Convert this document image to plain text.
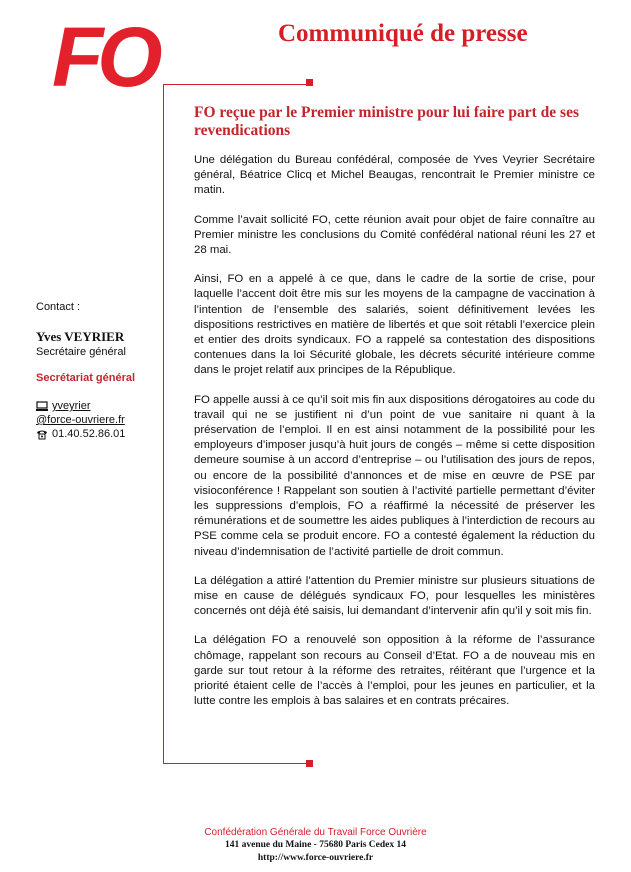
FO	Communiqué de presse
FO reçue par le Premier ministre pour lui faire part de ses revendications

Une délégation du Bureau confédéral, composée de Yves Veyrier Secrétaire général, Béatrice Clicq et Michel Beaugas, rencontrait le Premier ministre ce matin.

Comme l’avait sollicité FO, cette réunion avait pour objet de faire connaître au Premier ministre les conclusions du Comité confédéral national réuni les 27 et 28 mai.

Ainsi, FO en a appelé à ce que, dans le cadre de la sortie de crise, pour laquelle l’accent doit être mis sur les moyens de la campagne de vaccination à l’intention de l’ensemble des salariés, soient définitivement levées les dispositions restrictives en matière de libertés et que soit rétabli l’exercice plein et entier des droits syndicaux. FO a rappelé sa contestation des dispositions contenues dans la loi Sécurité globale, les décrets sécurité intérieure comme dans le projet relatif aux principes de la République.

FO appelle aussi à ce qu’il soit mis fin aux dispositions dérogatoires au code du travail qui ne se justifient ni d’un point de vue sanitaire ni quant à la préservation de l’emploi. Il en est ainsi notamment de la possibilité pour les employeurs d’imposer jusqu’à huit jours de congés – même si cette disposition demeure soumise à un accord d’entreprise – ou l’utilisation des jours de repos, ou encore de la possibilité d’annonces et de mise en œuvre de PSE par visioconférence ! Rappelant son soutien à l’activité partielle permettant d’éviter les suppressions d’emplois, FO a réaffirmé la nécessité de préserver les rémunérations et de soumettre les aides publiques à l’interdiction de recours au PSE comme cela se produit encore. FO a contesté également la réduction du niveau d’indemnisation de l’activité partielle de droit commun.

La délégation a attiré l’attention du Premier ministre sur plusieurs situations de mise en cause de délégués syndicaux FO, pour lesquelles les ministères concernés ont déjà été saisis, lui demandant d’intervenir afin qu’il y soit mis fin.

La délégation FO a renouvelé son opposition à la réforme de l’assurance chômage, rappelant son recours au Conseil d’Etat. FO a de nouveau mis en garde sur tout retour à la réforme des retraites, réitérant que l’urgence et la priorité étaient celle de l’accès à l’emploi, pour les jeunes en particulier, et la lutte contre les emplois à bas salaires et en contrats précaires.

Contact :
Yves VEYRIER
Secrétaire général
Secrétariat général
yveyrier
@force-ouvriere.fr
01.40.52.86.01
Confédération Générale du Travail Force Ouvrière
141 avenue du Maine - 75680 Paris Cedex 14
http://www.force-ouvriere.fr
